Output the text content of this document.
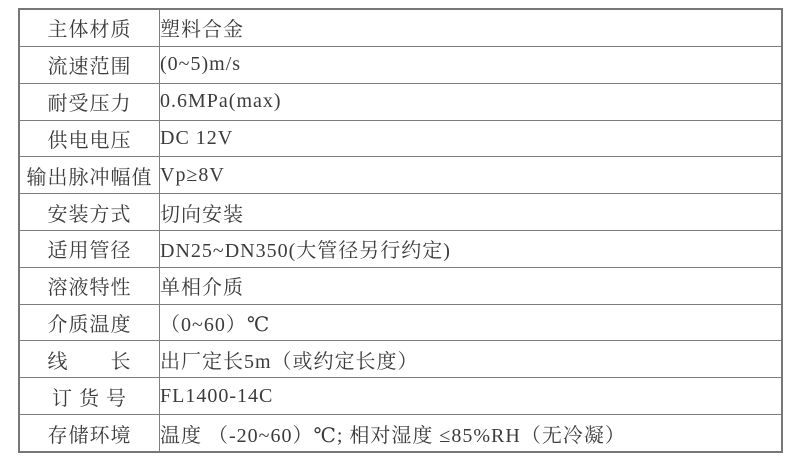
主体材质	塑料合金
流速范围	(0~5)m/s
耐受压力	0.6MPa(max)
供电电压	DC 12V
输出脉冲幅值	Vp≥8V
安装方式	切向安装
适用管径	DN25~DN350(大管径另行约定)
溶液特性	单相介质
介质温度	（0~60）℃
线　　长	出厂定长5m（或约定长度）
订 货 号	FL1400-14C
存储环境	温度 （-20~60）℃; 相对湿度 ≤85%RH（无冷凝）
